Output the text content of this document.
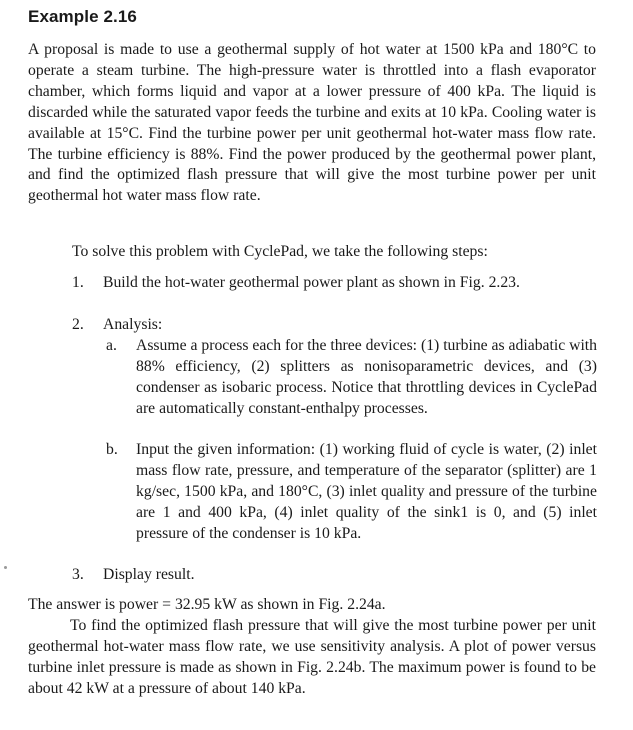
Example 2.16

A proposal is made to use a geothermal supply of hot water at 1500 kPa and 180°C to operate a steam turbine. The high-pressure water is throttled into a flash evaporator chamber, which forms liquid and vapor at a lower pressure of 400 kPa. The liquid is discarded while the saturated vapor feeds the turbine and exits at 10 kPa. Cooling water is available at 15°C. Find the turbine power per unit geothermal hot-water mass flow rate. The turbine efficiency is 88%. Find the power produced by the geothermal power plant, and find the optimized flash pressure that will give the most turbine power per unit geothermal hot water mass flow rate.

To solve this problem with CyclePad, we take the following steps:

1. Build the hot-water geothermal power plant as shown in Fig. 2.23.

2. Analysis:

a. Assume a process each for the three devices: (1) turbine as adiabatic with 88% efficiency, (2) splitters as nonisoparametric devices, and (3) condenser as isobaric process. Notice that throttling devices in CyclePad are automatically constant-enthalpy processes.

b. Input the given information: (1) working fluid of cycle is water, (2) inlet mass flow rate, pressure, and temperature of the separator (splitter) are 1 kg/sec, 1500 kPa, and 180°C, (3) inlet quality and pressure of the turbine are 1 and 400 kPa, (4) inlet quality of the sink1 is 0, and (5) inlet pressure of the condenser is 10 kPa.

3. Display result.

The answer is power = 32.95 kW as shown in Fig. 2.24a.

To find the optimized flash pressure that will give the most turbine power per unit geothermal hot-water mass flow rate, we use sensitivity analysis. A plot of power versus turbine inlet pressure is made as shown in Fig. 2.24b. The maximum power is found to be about 42 kW at a pressure of about 140 kPa.
